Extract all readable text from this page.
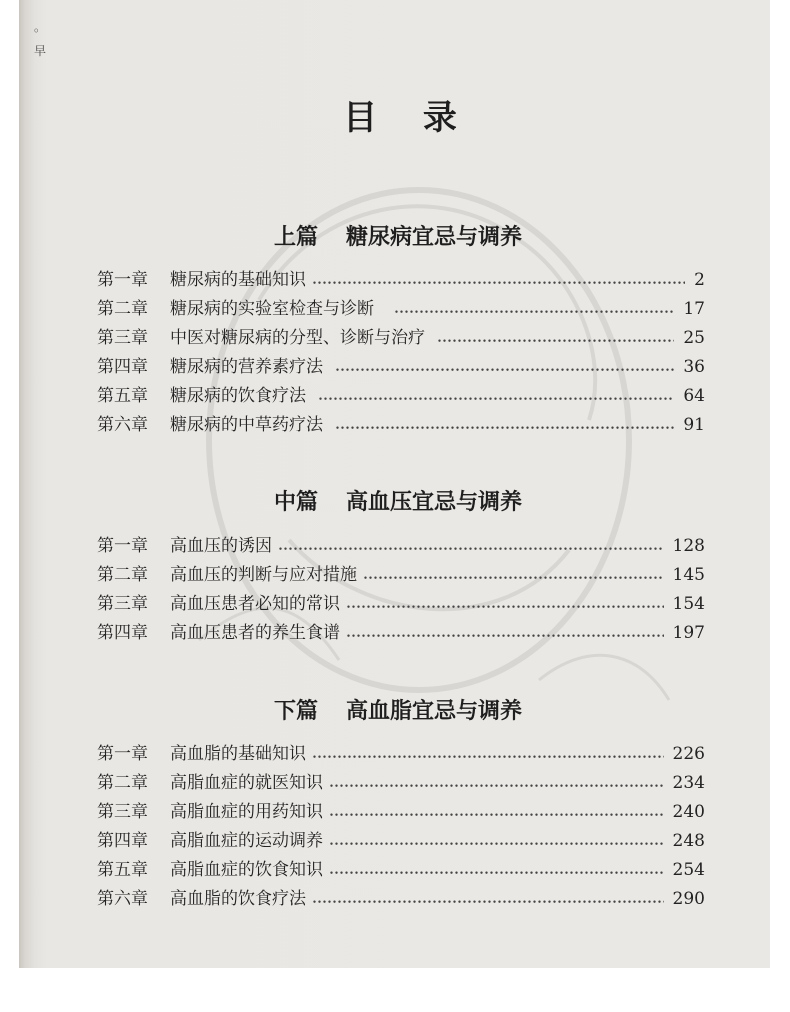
。
早
目 录
上篇 糖尿病宜忌与调养
第一章	糖尿病的基础知识	2
第二章	糖尿病的实验室检查与诊断	17
第三章	中医对糖尿病的分型、诊断与治疗	25
第四章	糖尿病的营养素疗法	36
第五章	糖尿病的饮食疗法	64
第六章	糖尿病的中草药疗法	91
中篇 高血压宜忌与调养
第一章	高血压的诱因	128
第二章	高血压的判断与应对措施	145
第三章	高血压患者必知的常识	154
第四章	高血压患者的养生食谱	197
下篇 高血脂宜忌与调养
第一章	高血脂的基础知识	226
第二章	高脂血症的就医知识	234
第三章	高脂血症的用药知识	240
第四章	高脂血症的运动调养	248
第五章	高脂血症的饮食知识	254
第六章	高血脂的饮食疗法	290
